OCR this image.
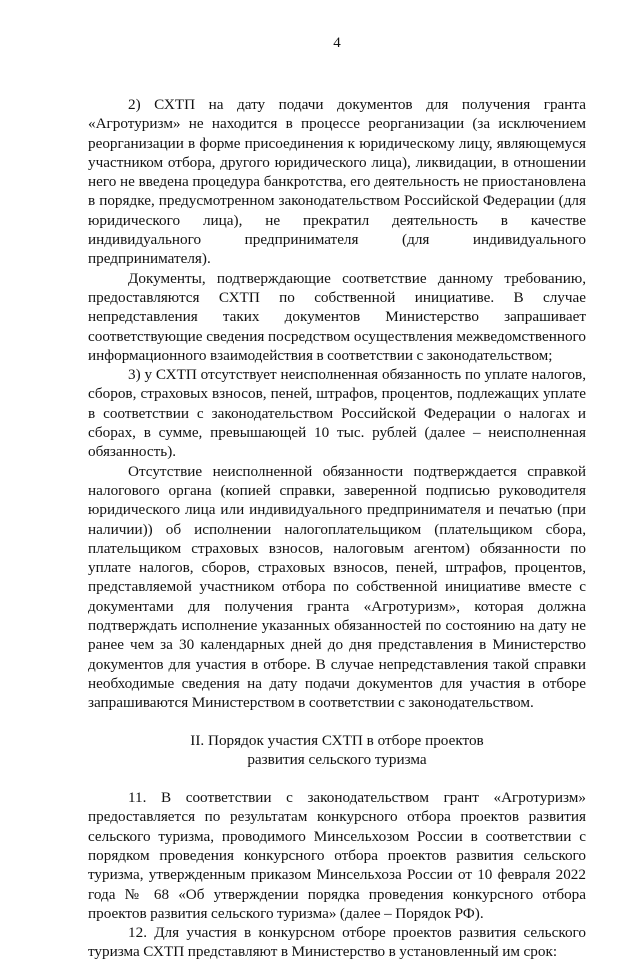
4

2) СХТП на дату подачи документов для получения гранта «Агротуризм» не находится в процессе реорганизации (за исключением реорганизации в форме присоединения к юридическому лицу, являющемуся участником отбора, другого юридического лица), ликвидации, в отношении него не введена процедура банкротства, его деятельность не приостановлена в порядке, предусмотренном законодательством Российской Федерации (для юридического лица), не прекратил деятельность в качестве индивидуального предпринимателя (для индивидуального предпринимателя).

Документы, подтверждающие соответствие данному требованию, предоставляются СХТП по собственной инициативе. В случае непредставления таких документов Министерство запрашивает соответствующие сведения посредством осуществления межведомственного информационного взаимодействия в соответствии с законодательством;

3) у СХТП отсутствует неисполненная обязанность по уплате налогов, сборов, страховых взносов, пеней, штрафов, процентов, подлежащих уплате в соответствии с законодательством Российской Федерации о налогах и сборах, в сумме, превышающей 10 тыс. рублей (далее – неисполненная обязанность).

Отсутствие неисполненной обязанности подтверждается справкой налогового органа (копией справки, заверенной подписью руководителя юридического лица или индивидуального предпринимателя и печатью (при наличии)) об исполнении налогоплательщиком (плательщиком сбора, плательщиком страховых взносов, налоговым агентом) обязанности по уплате налогов, сборов, страховых взносов, пеней, штрафов, процентов, представляемой участником отбора по собственной инициативе вместе с документами для получения гранта «Агротуризм», которая должна подтверждать исполнение указанных обязанностей по состоянию на дату не ранее чем за 30 календарных дней до дня представления в Министерство документов для участия в отборе. В случае непредставления такой справки необходимые сведения на дату подачи документов для участия в отборе запрашиваются Министерством в соответствии с законодательством.

II. Порядок участия СХТП в отборе проектов
развития сельского туризма

11. В соответствии с законодательством грант «Агротуризм» предоставляется по результатам конкурсного отбора проектов развития сельского туризма, проводимого Минсельхозом России в соответствии с порядком проведения конкурсного отбора проектов развития сельского туризма, утвержденным приказом Минсельхоза России от 10 февраля 2022 года № 68 «Об утверждении порядка проведения конкурсного отбора проектов развития сельского туризма» (далее – Порядок РФ).

12. Для участия в конкурсном отборе проектов развития сельского туризма СХТП представляют в Министерство в установленный им срок:
